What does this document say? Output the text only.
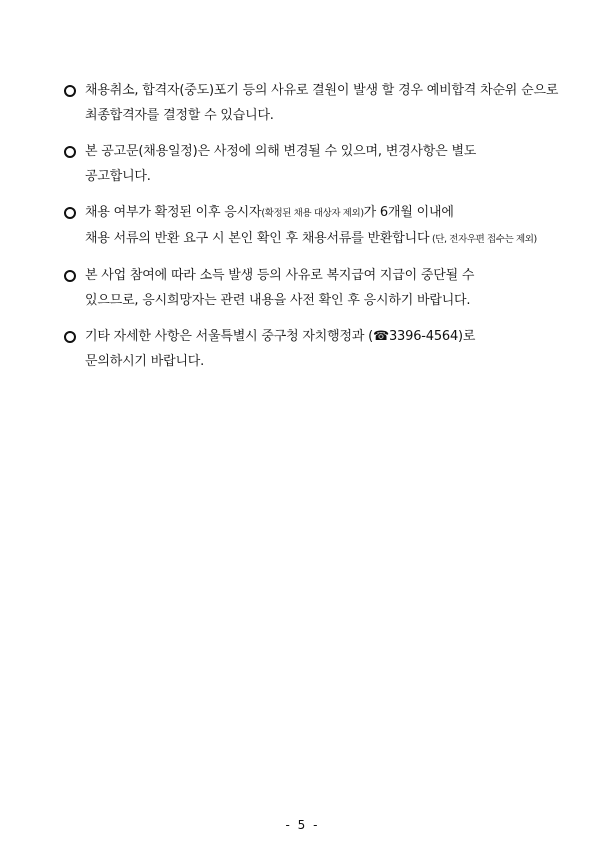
채용취소, 합격자(중도)포기 등의 사유로 결원이 발생 할 경우 예비합격 차순위 순으로
최종합격자를 결정할 수 있습니다.
본 공고문(채용일정)은 사정에 의해 변경될 수 있으며, 변경사항은 별도
공고합니다.
채용 여부가 확정된 이후 응시자(확정된 채용 대상자 제외)가 6개월 이내에
채용 서류의 반환 요구 시 본인 확인 후 채용서류를 반환합니다 (단, 전자우편 접수는 제외)
본 사업 참여에 따라 소득 발생 등의 사유로 복지급여 지급이 중단될 수
있으므로, 응시희망자는 관련 내용을 사전 확인 후 응시하기 바랍니다.
기타 자세한 사항은 서울특별시 중구청 자치행정과 (☎3396-4564)로
문의하시기 바랍니다.
- 5 -
